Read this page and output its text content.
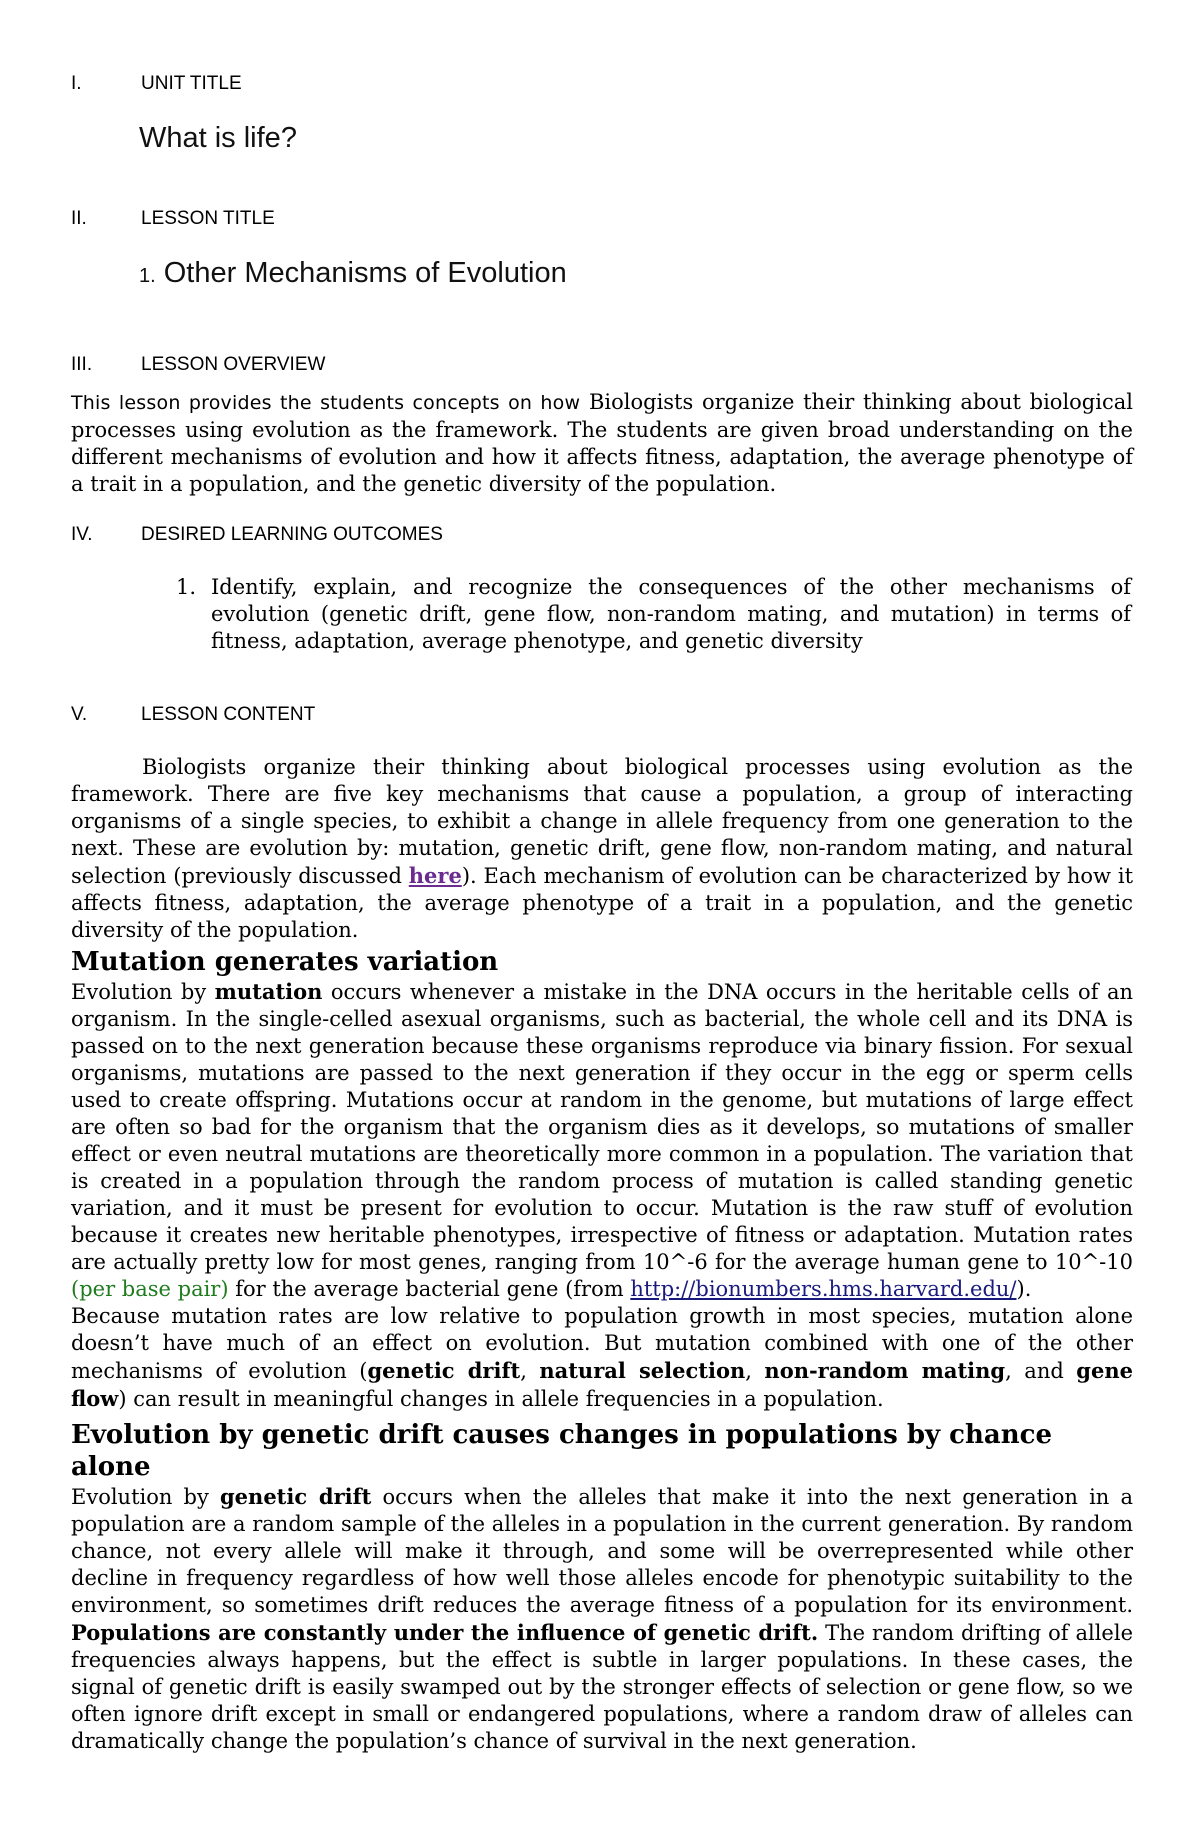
I.	UNIT TITLE
What is life?
II.	LESSON TITLE
1. Other Mechanisms of Evolution
III.	LESSON OVERVIEW
This lesson provides the students concepts on how Biologists organize their thinking about biological processes using evolution as the framework. The students are given broad understanding on the different mechanisms of evolution and how it affects fitness, adaptation, the average phenotype of a trait in a population, and the genetic diversity of the population.
IV.	DESIRED LEARNING OUTCOMES
1. Identify, explain, and recognize the consequences of the other mechanisms of evolution (genetic drift, gene flow, non-random mating, and mutation) in terms of fitness, adaptation, average phenotype, and genetic diversity
V.	LESSON CONTENT

Biologists organize their thinking about biological processes using evolution as the framework. There are five key mechanisms that cause a population, a group of interacting organisms of a single species, to exhibit a change in allele frequency from one generation to the next. These are evolution by: mutation, genetic drift, gene flow, non-random mating, and natural selection (previously discussed here). Each mechanism of evolution can be characterized by how it affects fitness, adaptation, the average phenotype of a trait in a population, and the genetic diversity of the population.

Mutation generates variation

Evolution by mutation occurs whenever a mistake in the DNA occurs in the heritable cells of an organism. In the single-celled asexual organisms, such as bacterial, the whole cell and its DNA is passed on to the next generation because these organisms reproduce via binary fission. For sexual organisms, mutations are passed to the next generation if they occur in the egg or sperm cells used to create offspring. Mutations occur at random in the genome, but mutations of large effect are often so bad for the organism that the organism dies as it develops, so mutations of smaller effect or even neutral mutations are theoretically more common in a population. The variation that is created in a population through the random process of mutation is called standing genetic variation, and it must be present for evolution to occur. Mutation is the raw stuff of evolution because it creates new heritable phenotypes, irrespective of fitness or adaptation. Mutation rates are actually pretty low for most genes, ranging from 10^-6 for the average human gene to 10^-10 (per base pair) for the average bacterial gene (from http://bionumbers.hms.harvard.edu/).

Because mutation rates are low relative to population growth in most species, mutation alone doesn’t have much of an effect on evolution. But mutation combined with one of the other mechanisms of evolution (genetic drift, natural selection, non-random mating, and gene flow) can result in meaningful changes in allele frequencies in a population.

Evolution by genetic drift causes changes in populations by chance alone

Evolution by genetic drift occurs when the alleles that make it into the next generation in a population are a random sample of the alleles in a population in the current generation. By random chance, not every allele will make it through, and some will be overrepresented while other decline in frequency regardless of how well those alleles encode for phenotypic suitability to the environment, so sometimes drift reduces the average fitness of a population for its environment. Populations are constantly under the influence of genetic drift. The random drifting of allele frequencies always happens, but the effect is subtle in larger populations. In these cases, the signal of genetic drift is easily swamped out by the stronger effects of selection or gene flow, so we often ignore drift except in small or endangered populations, where a random draw of alleles can dramatically change the population’s chance of survival in the next generation.
